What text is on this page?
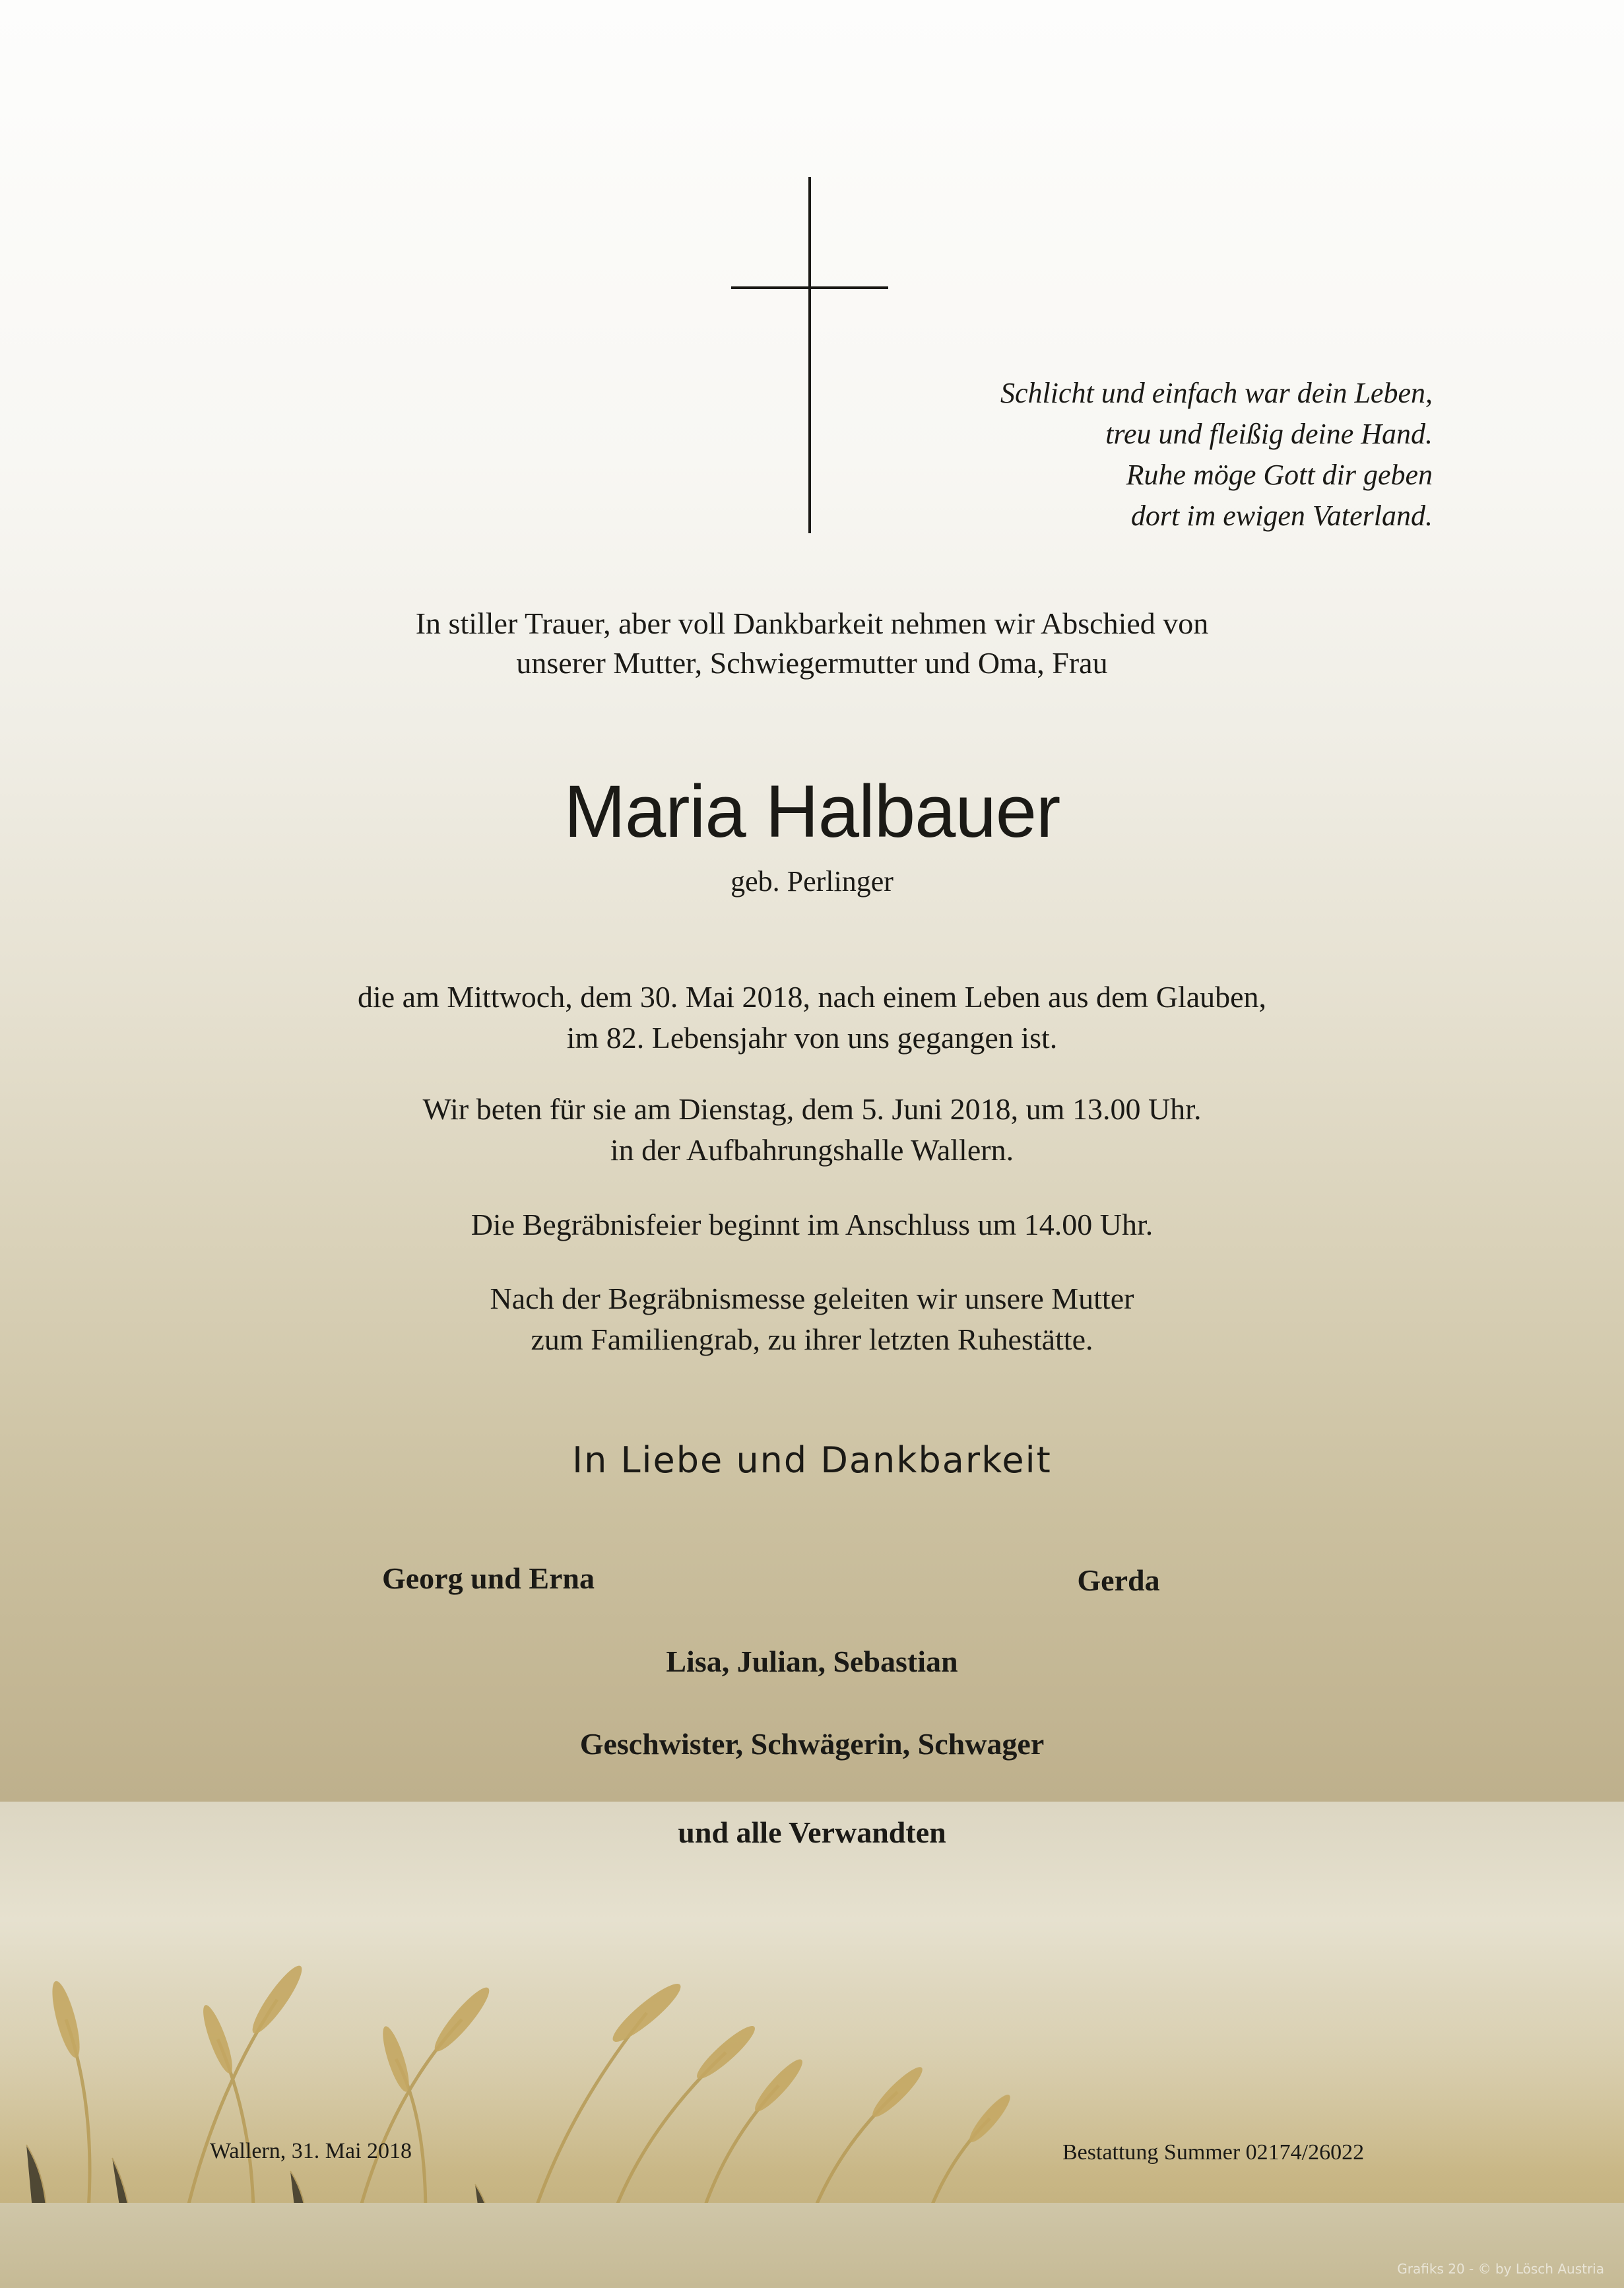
Schlicht und einfach war dein Leben,
treu und fleißig deine Hand.
Ruhe möge Gott dir geben
dort im ewigen Vaterland.
In stiller Trauer, aber voll Dankbarkeit nehmen wir Abschied von
unserer Mutter, Schwiegermutter und Oma, Frau
Maria Halbauer
geb. Perlinger
die am Mittwoch, dem 30. Mai 2018, nach einem Leben aus dem Glauben,
im 82. Lebensjahr von uns gegangen ist.
Wir beten für sie am Dienstag, dem 5. Juni 2018, um 13.00 Uhr.
in der Aufbahrungshalle Wallern.
Die Begräbnisfeier beginnt im Anschluss um 14.00 Uhr.
Nach der Begräbnismesse geleiten wir unsere Mutter
zum Familiengrab, zu ihrer letzten Ruhestätte.
In Liebe und Dankbarkeit
Georg und Erna	Gerda
Lisa, Julian, Sebastian
Geschwister, Schwägerin, Schwager
und alle Verwandten
Wallern, 31. Mai 2018	Bestattung Summer 02174/26022
Grafiks 20 - © by Lösch Austria
